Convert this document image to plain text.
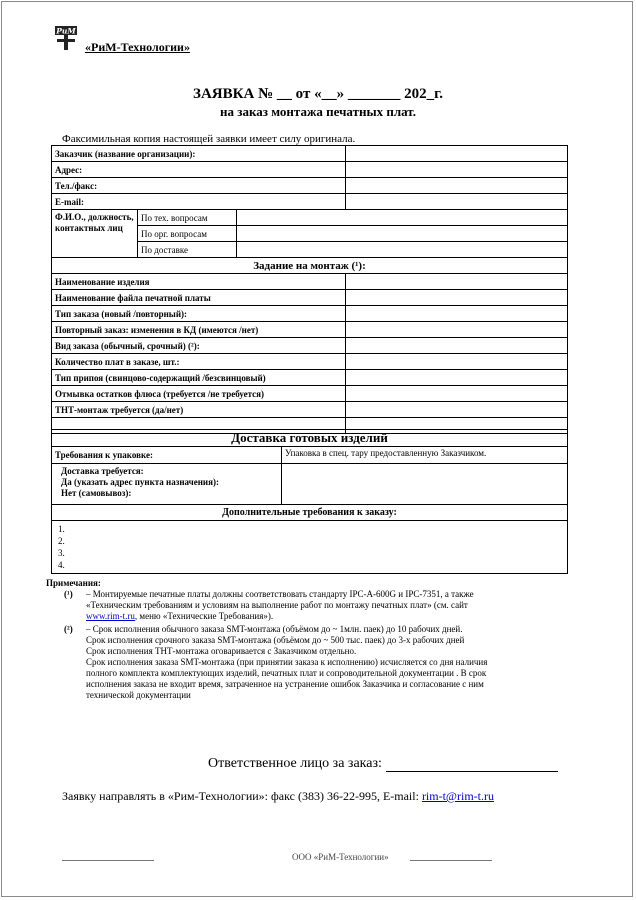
РиМ
«РиМ-Технологии»
ЗАЯВКА № __ от «__» _______ 202_г.
на заказ монтажа печатных плат.
Факсимильная копия настоящей заявки имеет силу оригинала.
Заказчик (название организации):			
Адрес:			
Тел./факс:			
E-mail:			
Ф.И.О., должность, контактных лиц	По тех. вопросам		
	По орг. вопросам		
	По доставке		
Задание на монтаж (¹):			
Наименование изделия			
Наименование файла печатной платы			
Тип заказа (новый /повторный):			
Повторный заказ: изменения в КД (имеются /нет)			
Вид заказа (обычный, срочный) (²):			
Количество плат в заказе, шт.:			
Тип припоя (свинцово-содержащий /безсвинцовый)			
Отмывка остатков флюса (требуется /не требуется)			
ТНТ-монтаж требуется (да/нет)			

Доставка готовых изделий	
Требования к упаковке:	Упаковка в спец. тару предоставленную Заказчиком.

Доставка требуется:
Да (указать адрес пункта назначения):
Нет (самовывоз):	

Дополнительные требования к заказу:	

1.
2.
3.
4.	
Примечания:
(¹) – Монтируемые печатные платы должны соответствовать стандарту IPC-A-600G и IPC-7351, а также
«Техническим требованиям и условиям на выполнение работ по монтажу печатных плат» (см. сайт
www.rim-t.ru, меню «Технические Требования»).
(²) – Срок исполнения обычного заказа SMT-монтажа (объёмом до ~ 1млн. паек) до 10 рабочих дней.
Срок исполнения срочного заказа SMT-монтажа (объёмом до ~ 500 тыс. паек) до 3-х рабочих дней
Срок исполнения ТНТ-монтажа оговаривается с Заказчиком отдельно.
Срок исполнения заказа SMT-монтажа (при принятии заказа к исполнению) исчисляется со дня наличия
полного комплекта комплектующих изделий, печатных плат и сопроводительной документации . В срок
исполнения заказа не входит время, затраченное на устранение ошибок Заказчика и согласование с ним
технической документации
Ответственное лицо за заказ:
Заявку направлять в «Рим-Технологии»: факс (383) 36-22-995, E-mail: rim-t@rim-t.ru
ООО «РиМ-Технологии»
